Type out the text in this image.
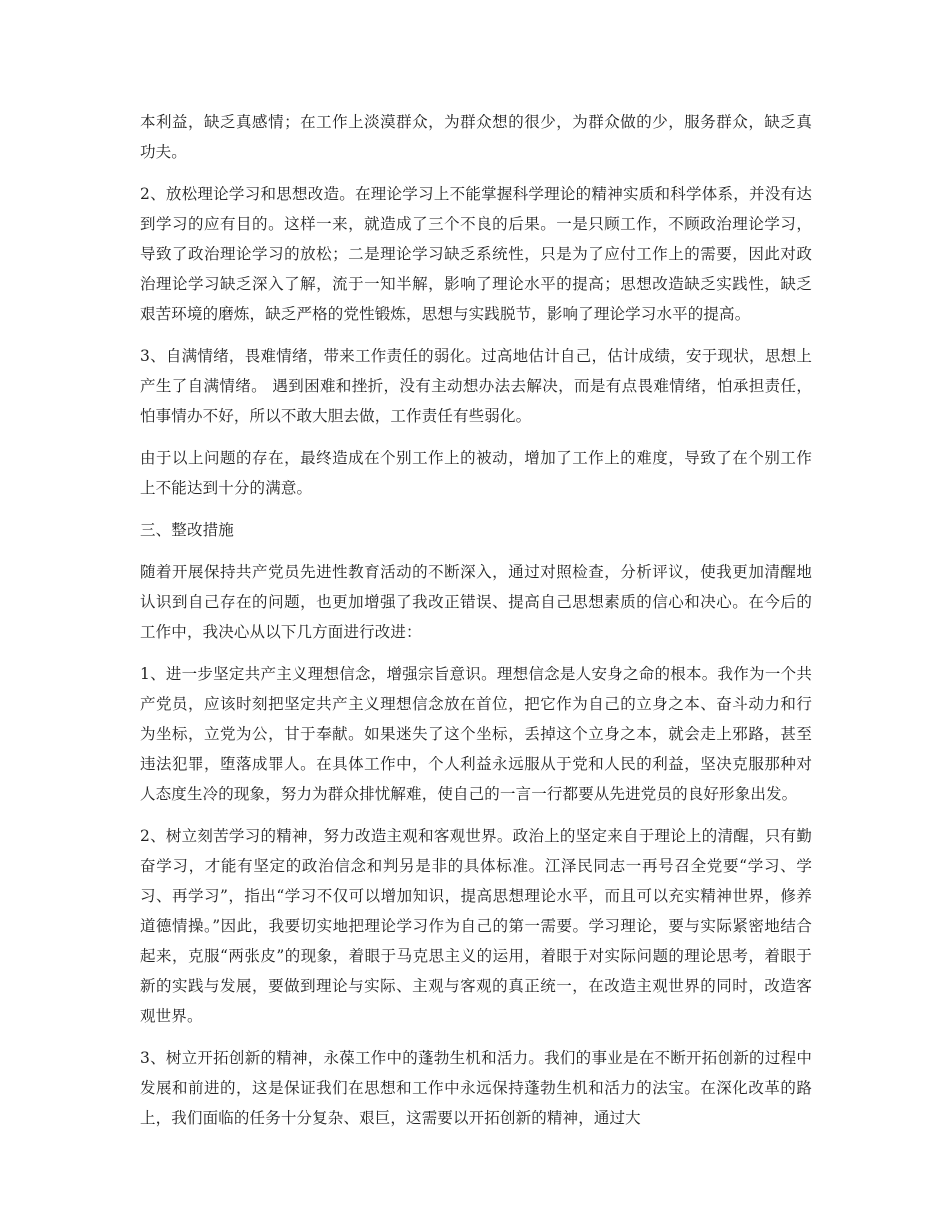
本利益，缺乏真感情；在工作上淡漠群众，为群众想的很少，为群众做的少，服务群众，缺乏真功夫。

2、放松理论学习和思想改造。在理论学习上不能掌握科学理论的精神实质和科学体系，并没有达到学习的应有目的。这样一来，就造成了三个不良的后果。一是只顾工作，不顾政治理论学习，导致了政治理论学习的放松；二是理论学习缺乏系统性，只是为了应付工作上的需要，因此对政治理论学习缺乏深入了解，流于一知半解，影响了理论水平的提高；思想改造缺乏实践性，缺乏艰苦环境的磨炼，缺乏严格的党性锻炼，思想与实践脱节，影响了理论学习水平的提高。

3、自满情绪，畏难情绪，带来工作责任的弱化。过高地估计自己，估计成绩，安于现状，思想上产生了自满情绪。 遇到困难和挫折，没有主动想办法去解决，而是有点畏难情绪，怕承担责任，怕事情办不好，所以不敢大胆去做，工作责任有些弱化。

由于以上问题的存在，最终造成在个别工作上的被动，增加了工作上的难度，导致了在个别工作上不能达到十分的满意。

三、整改措施

随着开展保持共产党员先进性教育活动的不断深入，通过对照检查，分析评议，使我更加清醒地认识到自己存在的问题，也更加增强了我改正错误、提高自己思想素质的信心和决心。在今后的工作中，我决心从以下几方面进行改进：

1、进一步坚定共产主义理想信念，增强宗旨意识。理想信念是人安身之命的根本。我作为一个共产党员，应该时刻把坚定共产主义理想信念放在首位，把它作为自己的立身之本、奋斗动力和行为坐标，立党为公，甘于奉献。如果迷失了这个坐标，丢掉这个立身之本，就会走上邪路，甚至违法犯罪，堕落成罪人。在具体工作中，个人利益永远服从于党和人民的利益，坚决克服那种对人态度生冷的现象，努力为群众排忧解难，使自己的一言一行都要从先进党员的良好形象出发。

2、树立刻苦学习的精神，努力改造主观和客观世界。政治上的坚定来自于理论上的清醒，只有勤奋学习，才能有坚定的政治信念和判另是非的具体标准。江泽民同志一再号召全党要“学习、学习、再学习”，指出“学习不仅可以增加知识，提高思想理论水平，而且可以充实精神世界，修养道德情操。”因此，我要切实地把理论学习作为自己的第一需要。学习理论，要与实际紧密地结合起来，克服“两张皮”的现象，着眼于马克思主义的运用，着眼于对实际问题的理论思考，着眼于新的实践与发展，要做到理论与实际、主观与客观的真正统一，在改造主观世界的同时，改造客观世界。

3、树立开拓创新的精神，永葆工作中的蓬勃生机和活力。我们的事业是在不断开拓创新的过程中发展和前进的，这是保证我们在思想和工作中永远保持蓬勃生机和活力的法宝。在深化改革的路上，我们面临的任务十分复杂、艰巨，这需要以开拓创新的精神，通过大
